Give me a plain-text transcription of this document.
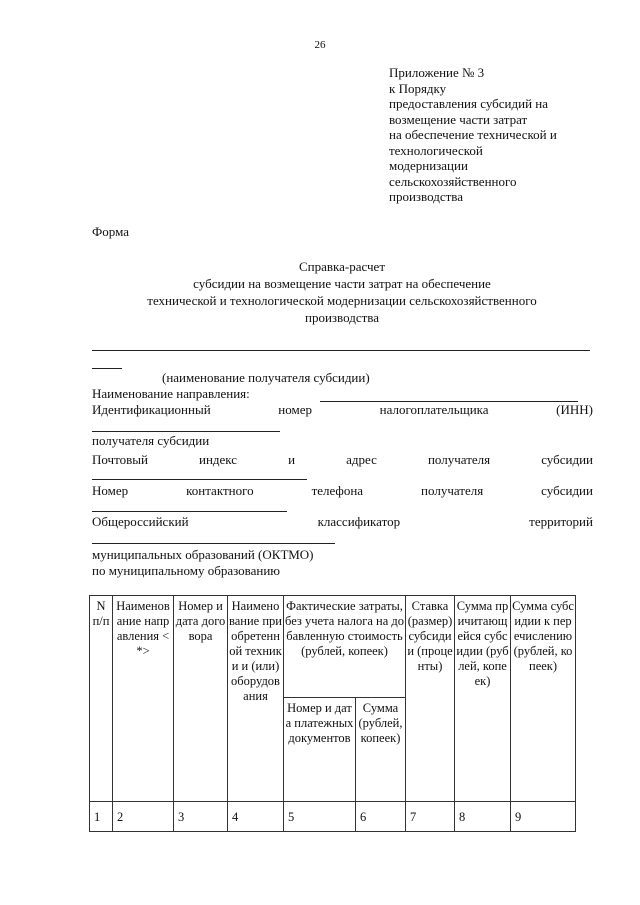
26
Приложение № 3
к Порядку
предоставления субсидий на
возмещение части затрат
на обеспечение технической и
технологической
модернизации
сельскохозяйственного
производства
Форма
Справка-расчет
субсидии на возмещение части затрат на обеспечение
технической и технологической модернизации сельскохозяйственного
производства
(наименование получателя субсидии)
Наименование направления:
Идентификационный	номер	налогоплательщика	(ИНН)
получателя субсидии
Почтовый	индекс	и	адрес	получателя	субсидии
Номер	контактного	телефона	получателя	субсидии
Общероссийский	классификатор	территорий
муниципальных образований (ОКТМО)
по муниципальному образованию
N п/п	Наименование направления <*>	Номер и дата договора	Наименование приобретенной техники и (или) оборудования	Фактические затраты, без учета налога на добавленную стоимость (рублей, копеек)		Ставка (размер) субсидии (проценты)	Сумма причитающейся субсидии (рублей, копеек)	Сумма субсидии к перечислению (рублей, копеек)
				Номер и дата платежных документов	Сумма (рублей, копеек)			
1	2	3	4	5	6	7	8	9
